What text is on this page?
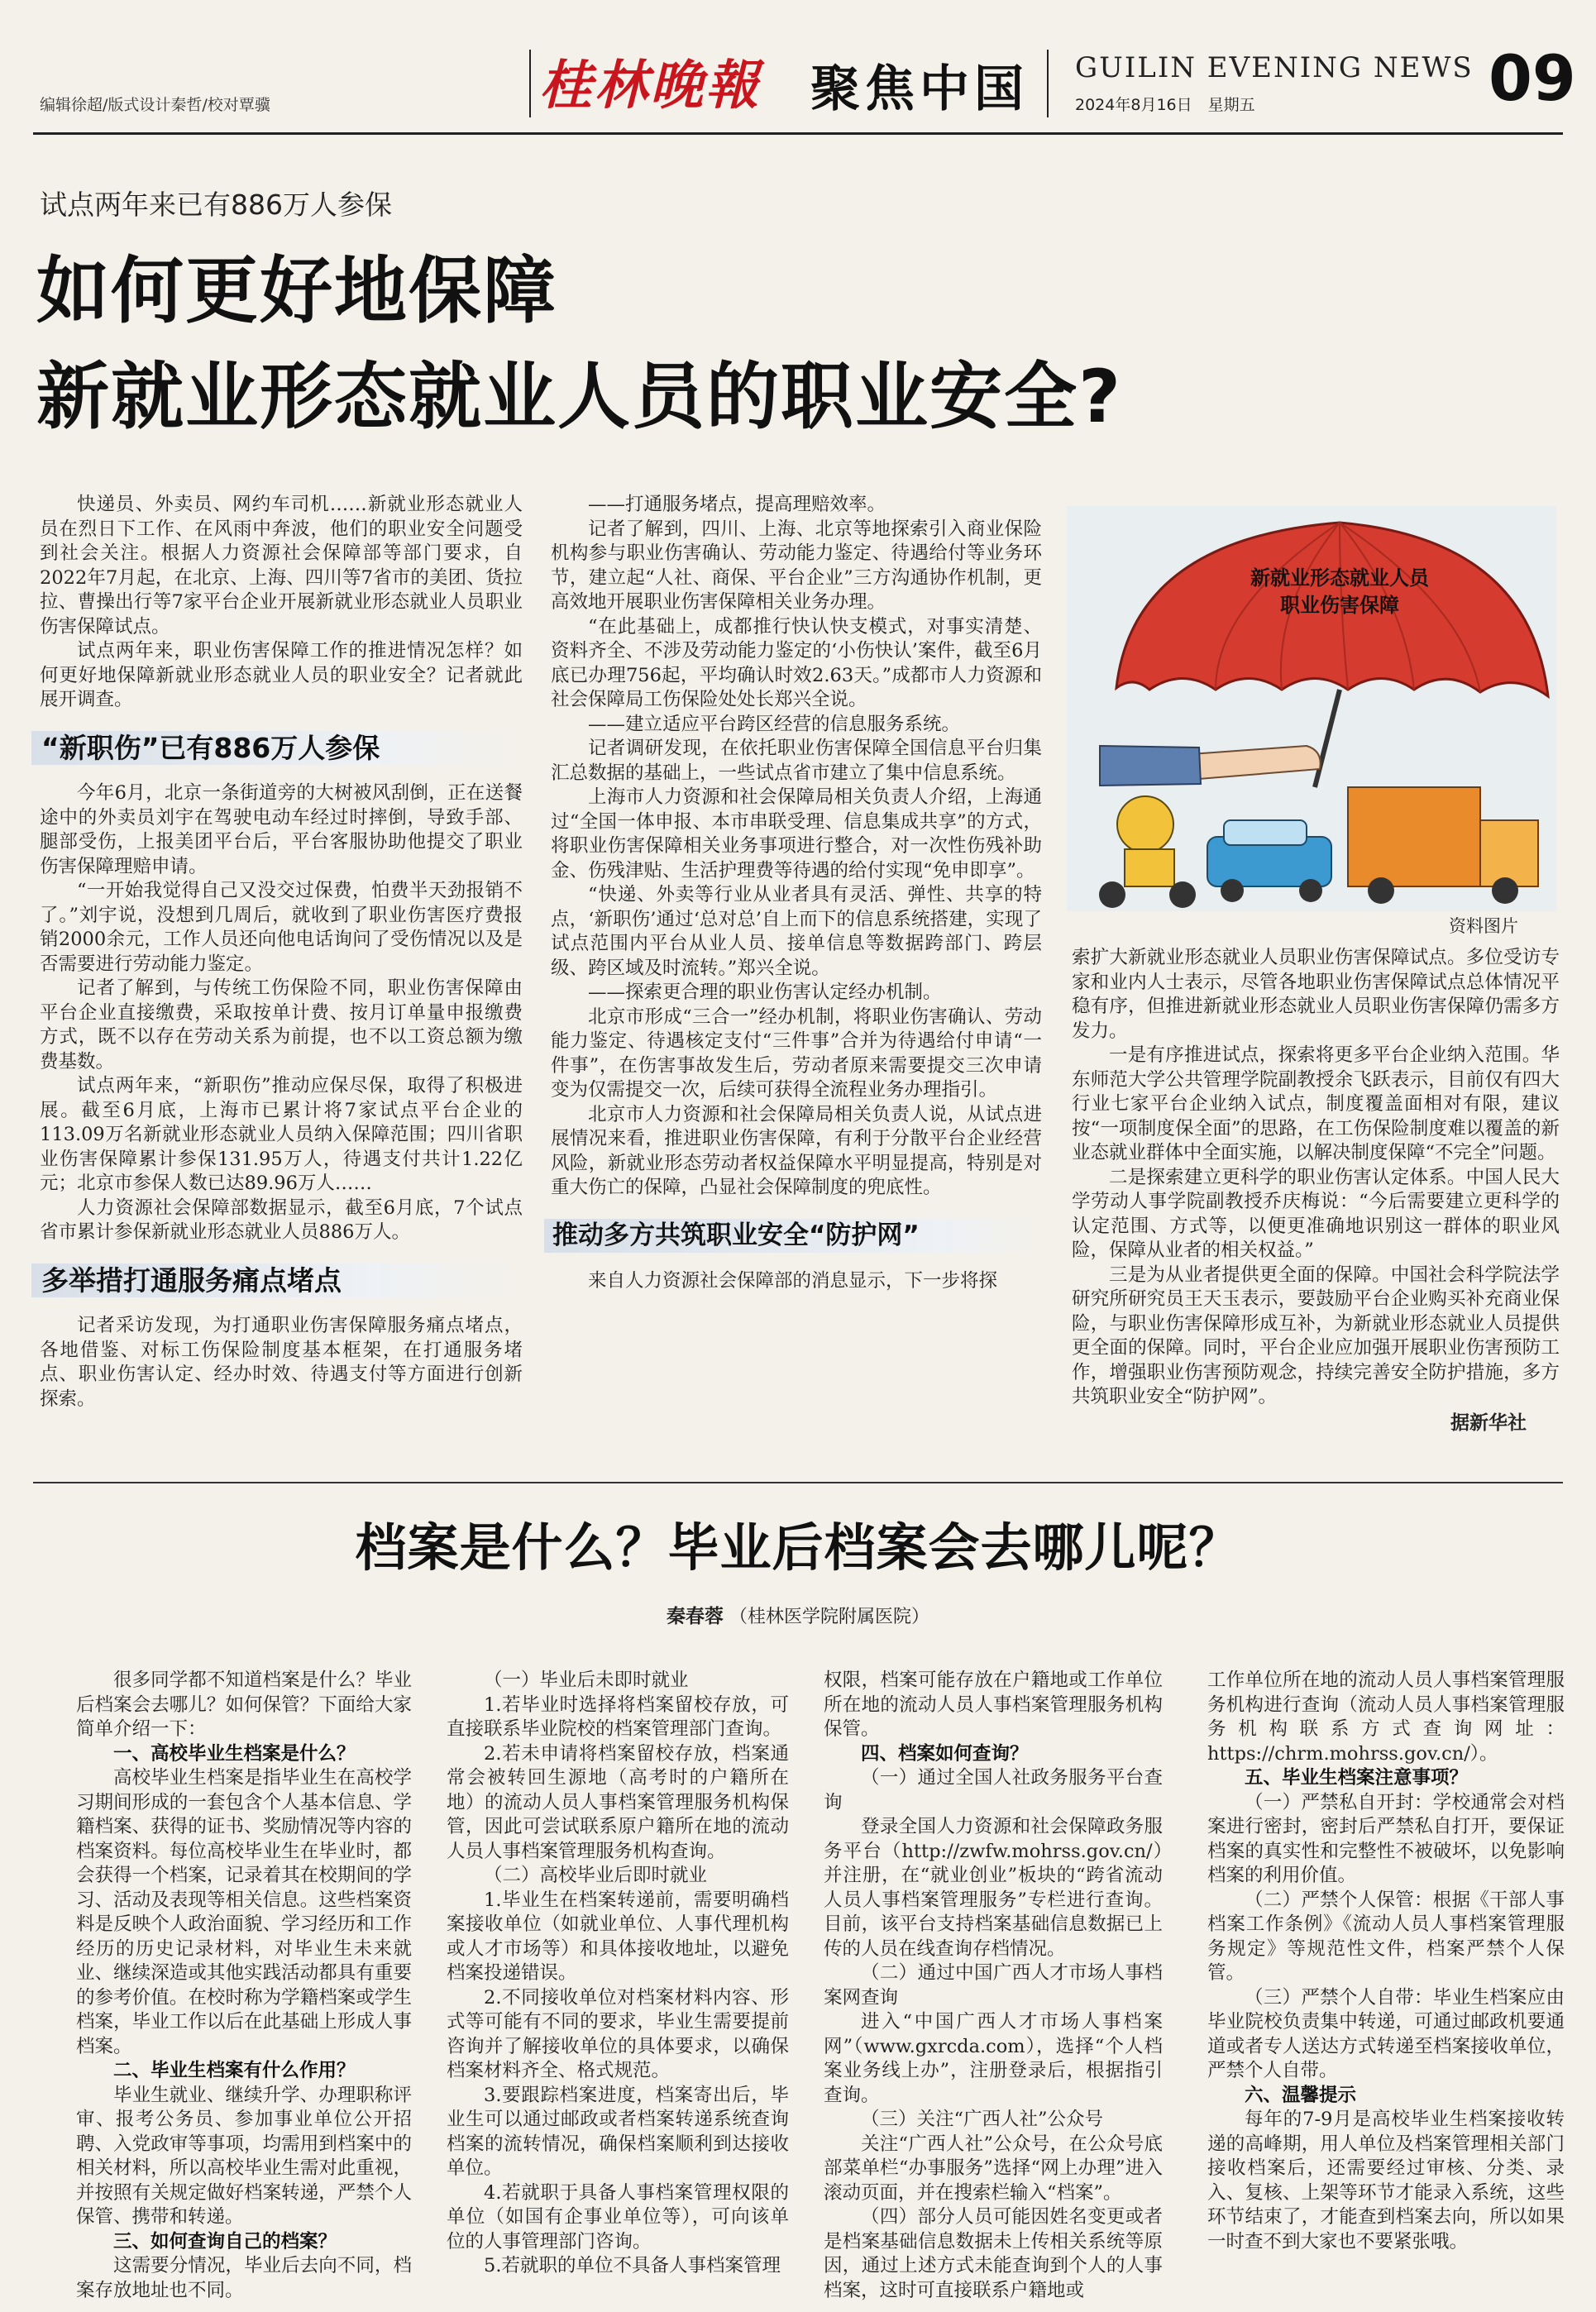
编辑徐超/版式设计秦哲/校对覃骥	桂林晚報 聚焦中国 GUILIN EVENING NEWS
2024年8月16日　星期五	09
试点两年来已有886万人参保
如何更好地保障
新就业形态就业人员的职业安全?

快递员、外卖员、网约车司机……新就业形态就业人员在烈日下工作、在风雨中奔波，他们的职业安全问题受到社会关注。根据人力资源社会保障部等部门要求，自2022年7月起，在北京、上海、四川等7省市的美团、货拉拉、曹操出行等7家平台企业开展新就业形态就业人员职业伤害保障试点。

试点两年来，职业伤害保障工作的推进情况怎样？如何更好地保障新就业形态就业人员的职业安全？记者就此展开调查。

“新职伤”已有886万人参保

今年6月，北京一条街道旁的大树被风刮倒，正在送餐途中的外卖员刘宇在驾驶电动车经过时摔倒，导致手部、腿部受伤，上报美团平台后，平台客服协助他提交了职业伤害保障理赔申请。

“一开始我觉得自己又没交过保费，怕费半天劲报销不了。”刘宇说，没想到几周后，就收到了职业伤害医疗费报销2000余元，工作人员还向他电话询问了受伤情况以及是否需要进行劳动能力鉴定。

记者了解到，与传统工伤保险不同，职业伤害保障由平台企业直接缴费，采取按单计费、按月订单量申报缴费方式，既不以存在劳动关系为前提，也不以工资总额为缴费基数。

试点两年来，“新职伤”推动应保尽保，取得了积极进展。截至6月底，上海市已累计将7家试点平台企业的113.09万名新就业形态就业人员纳入保障范围；四川省职业伤害保障累计参保131.95万人，待遇支付共计1.22亿元；北京市参保人数已达89.96万人……

人力资源社会保障部数据显示，截至6月底，7个试点省市累计参保新就业形态就业人员886万人。

多举措打通服务痛点堵点

记者采访发现，为打通职业伤害保障服务痛点堵点，各地借鉴、对标工伤保险制度基本框架，在打通服务堵点、职业伤害认定、经办时效、待遇支付等方面进行创新探索。

——打通服务堵点，提高理赔效率。

记者了解到，四川、上海、北京等地探索引入商业保险机构参与职业伤害确认、劳动能力鉴定、待遇给付等业务环节，建立起“人社、商保、平台企业”三方沟通协作机制，更高效地开展职业伤害保障相关业务办理。

“在此基础上，成都推行快认快支模式，对事实清楚、资料齐全、不涉及劳动能力鉴定的‘小伤快认’案件，截至6月底已办理756起，平均确认时效2.63天。”成都市人力资源和社会保障局工伤保险处处长郑兴全说。

——建立适应平台跨区经营的信息服务系统。

记者调研发现，在依托职业伤害保障全国信息平台归集汇总数据的基础上，一些试点省市建立了集中信息系统。

上海市人力资源和社会保障局相关负责人介绍，上海通过“全国一体申报、本市串联受理、信息集成共享”的方式，将职业伤害保障相关业务事项进行整合，对一次性伤残补助金、伤残津贴、生活护理费等待遇的给付实现“免申即享”。

“快递、外卖等行业从业者具有灵活、弹性、共享的特点，‘新职伤’通过‘总对总’自上而下的信息系统搭建，实现了试点范围内平台从业人员、接单信息等数据跨部门、跨层级、跨区域及时流转。”郑兴全说。

——探索更合理的职业伤害认定经办机制。

北京市形成“三合一”经办机制，将职业伤害确认、劳动能力鉴定、待遇核定支付“三件事”合并为待遇给付申请“一件事”，在伤害事故发生后，劳动者原来需要提交三次申请变为仅需提交一次，后续可获得全流程业务办理指引。

北京市人力资源和社会保障局相关负责人说，从试点进展情况来看，推进职业伤害保障，有利于分散平台企业经营风险，新就业形态劳动者权益保障水平明显提高，特别是对重大伤亡的保障，凸显社会保障制度的兜底性。

推动多方共筑职业安全“防护网”

来自人力资源社会保障部的消息显示，下一步将探

新就业形态就业人员
职业伤害保障
资料图片

索扩大新就业形态就业人员职业伤害保障试点。多位受访专家和业内人士表示，尽管各地职业伤害保障试点总体情况平稳有序，但推进新就业形态就业人员职业伤害保障仍需多方发力。

一是有序推进试点，探索将更多平台企业纳入范围。华东师范大学公共管理学院副教授余飞跃表示，目前仅有四大行业七家平台企业纳入试点，制度覆盖面相对有限，建议按“一项制度保全面”的思路，在工伤保险制度难以覆盖的新业态就业群体中全面实施，以解决制度保障“不完全”问题。

二是探索建立更科学的职业伤害认定体系。中国人民大学劳动人事学院副教授乔庆梅说：“今后需要建立更科学的认定范围、方式等，以便更准确地识别这一群体的职业风险，保障从业者的相关权益。”

三是为从业者提供更全面的保障。中国社会科学院法学研究所研究员王天玉表示，要鼓励平台企业购买补充商业保险，与职业伤害保障形成互补，为新就业形态就业人员提供更全面的保障。同时，平台企业应加强开展职业伤害预防工作，增强职业伤害预防观念，持续完善安全防护措施，多方共筑职业安全“防护网”。

据新华社
档案是什么？毕业后档案会去哪儿呢？
秦春蓉 （桂林医学院附属医院）

很多同学都不知道档案是什么？毕业后档案会去哪儿？如何保管？下面给大家简单介绍一下：

一、高校毕业生档案是什么？

高校毕业生档案是指毕业生在高校学习期间形成的一套包含个人基本信息、学籍档案、获得的证书、奖励情况等内容的档案资料。每位高校毕业生在毕业时，都会获得一个档案，记录着其在校期间的学习、活动及表现等相关信息。这些档案资料是反映个人政治面貌、学习经历和工作经历的历史记录材料，对毕业生未来就业、继续深造或其他实践活动都具有重要的参考价值。在校时称为学籍档案或学生档案，毕业工作以后在此基础上形成人事档案。

二、毕业生档案有什么作用？

毕业生就业、继续升学、办理职称评审、报考公务员、参加事业单位公开招聘、入党政审等事项，均需用到档案中的相关材料，所以高校毕业生需对此重视，并按照有关规定做好档案转递，严禁个人保管、携带和转递。

三、如何查询自己的档案？

这需要分情况，毕业后去向不同，档案存放地址也不同。

（一）毕业后未即时就业

1.若毕业时选择将档案留校存放，可直接联系毕业院校的档案管理部门查询。

2.若未申请将档案留校存放，档案通常会被转回生源地（高考时的户籍所在地）的流动人员人事档案管理服务机构保管，因此可尝试联系原户籍所在地的流动人员人事档案管理服务机构查询。

（二）高校毕业后即时就业

1.毕业生在档案转递前，需要明确档案接收单位（如就业单位、人事代理机构或人才市场等）和具体接收地址，以避免档案投递错误。

2.不同接收单位对档案材料内容、形式等可能有不同的要求，毕业生需要提前咨询并了解接收单位的具体要求，以确保档案材料齐全、格式规范。

3.要跟踪档案进度，档案寄出后，毕业生可以通过邮政或者档案转递系统查询档案的流转情况，确保档案顺利到达接收单位。

4.若就职于具备人事档案管理权限的单位（如国有企事业单位等），可向该单位的人事管理部门咨询。

5.若就职的单位不具备人事档案管理

权限，档案可能存放在户籍地或工作单位所在地的流动人员人事档案管理服务机构保管。

四、档案如何查询？

（一）通过全国人社政务服务平台查询

登录全国人力资源和社会保障政务服务平台（http://zwfw.mohrss.gov.cn/）并注册，在“就业创业”板块的“跨省流动人员人事档案管理服务”专栏进行查询。目前，该平台支持档案基础信息数据已上传的人员在线查询存档情况。

（二）通过中国广西人才市场人事档案网查询

进入“中国广西人才市场人事档案网”（www.gxrcda.com），选择“个人档案业务线上办”，注册登录后，根据指引查询。

（三）关注“广西人社”公众号

关注“广西人社”公众号，在公众号底部菜单栏“办事服务”选择“网上办理”进入滚动页面，并在搜索栏输入“档案”。

（四）部分人员可能因姓名变更或者是档案基础信息数据未上传相关系统等原因，通过上述方式未能查询到个人的人事档案，这时可直接联系户籍地或

工作单位所在地的流动人员人事档案管理服务机构进行查询（流动人员人事档案管理服务机构联系方式查询网址：https://chrm.mohrss.gov.cn/）。

五、毕业生档案注意事项？

（一）严禁私自开封：学校通常会对档案进行密封，密封后严禁私自打开，要保证档案的真实性和完整性不被破坏，以免影响档案的利用价值。

（二）严禁个人保管：根据《干部人事档案工作条例》《流动人员人事档案管理服务规定》等规范性文件，档案严禁个人保管。

（三）严禁个人自带：毕业生档案应由毕业院校负责集中转递，可通过邮政机要通道或者专人送达方式转递至档案接收单位，严禁个人自带。

六、温馨提示

每年的7-9月是高校毕业生档案接收转递的高峰期，用人单位及档案管理相关部门接收档案后，还需要经过审核、分类、录入、复核、上架等环节才能录入系统，这些环节结束了，才能查到档案去向，所以如果一时查不到大家也不要紧张哦。
